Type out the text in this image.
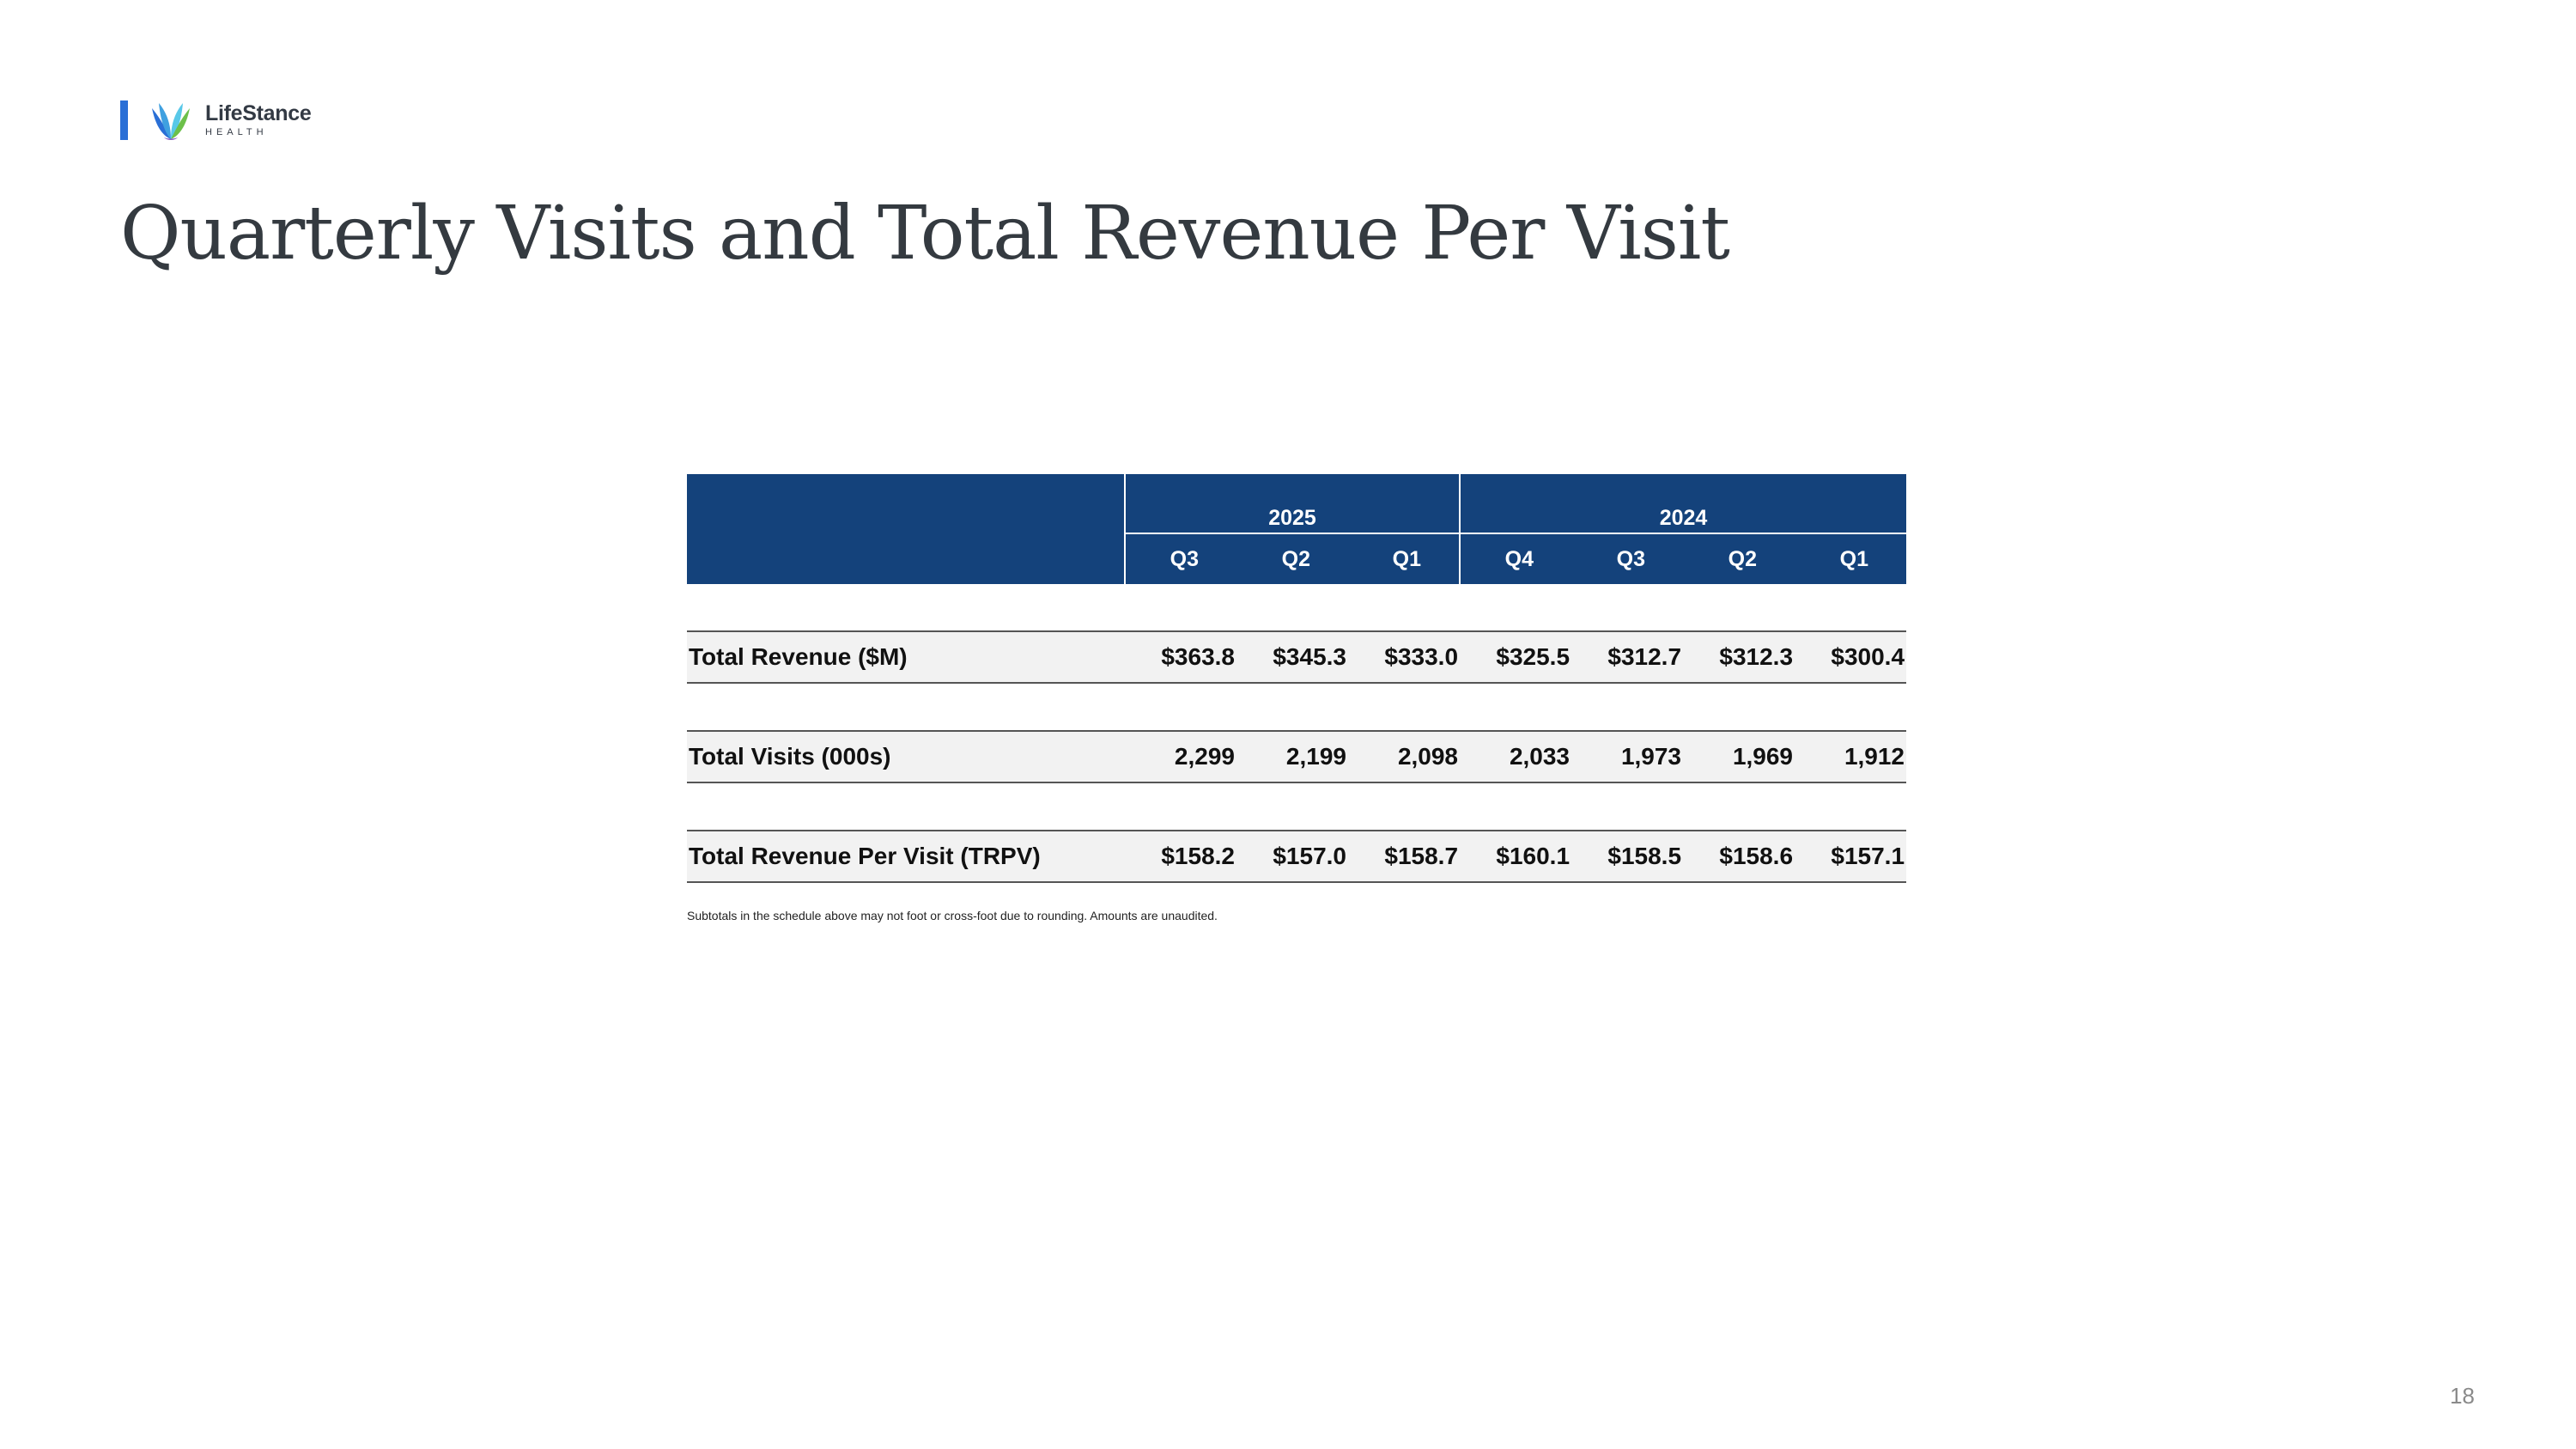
LifeStance
HEALTH
Quarterly Visits and Total Revenue Per Visit
	2025			2024			
	Q3	Q2	Q1	Q4	Q3	Q2	Q1

Total Revenue ($M)	$363.8	$345.3	$333.0	$325.5	$312.7	$312.3	$300.4

Total Visits (000s)	2,299	2,199	2,098	2,033	1,973	1,969	1,912

Total Revenue Per Visit (TRPV)	$158.2	$157.0	$158.7	$160.1	$158.5	$158.6	$157.1
Subtotals in the schedule above may not foot or cross-foot due to rounding. Amounts are unaudited.
18
